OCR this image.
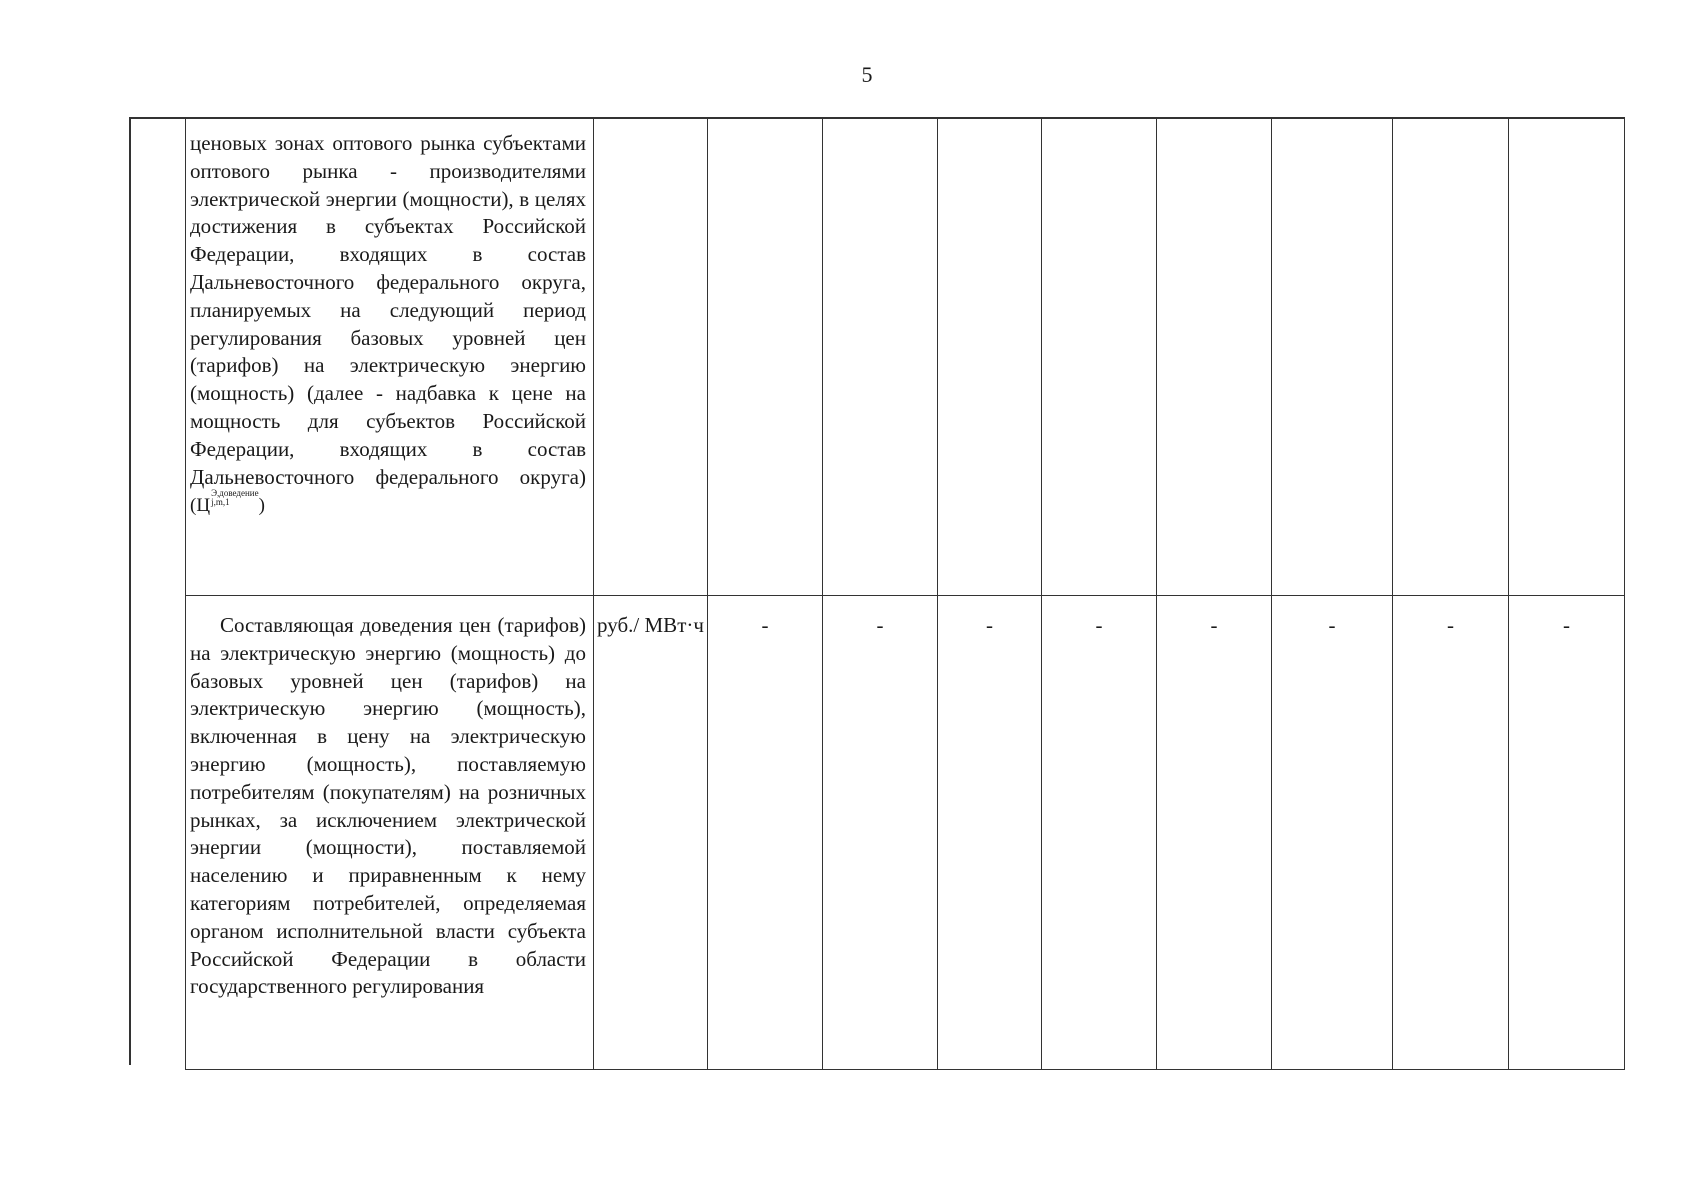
5
ценовых зонах оптового рынка субъектами оптового рынка - производителями электрической энергии (мощности), в целях достижения в субъектах Российской Федерации, входящих в состав Дальневосточного федерального округа, планируемых на следующий период регулирования базовых уровней цен (тарифов) на электрическую энергию (мощность) (далее - надбавка к цене на мощность для субъектов Российской Федерации, входящих в состав Дальневосточного федерального округа) (ЦЭ,доведение
j,m,1 )									
Составляющая доведения цен (тарифов) на электрическую энергию (мощность) до базовых уровней цен (тарифов) на электрическую энергию (мощность), включенная в цену на электрическую энергию (мощность), поставляемую потребителям (покупателям) на розничных рынках, за исключением электрической энергии (мощности), поставляемой населению и приравненным к нему категориям потребителей, определяемая органом исполнительной власти субъекта Российской Федерации в области государственного регулирования	руб./ МВт·ч	-	-	-	-	-	-	-	-
